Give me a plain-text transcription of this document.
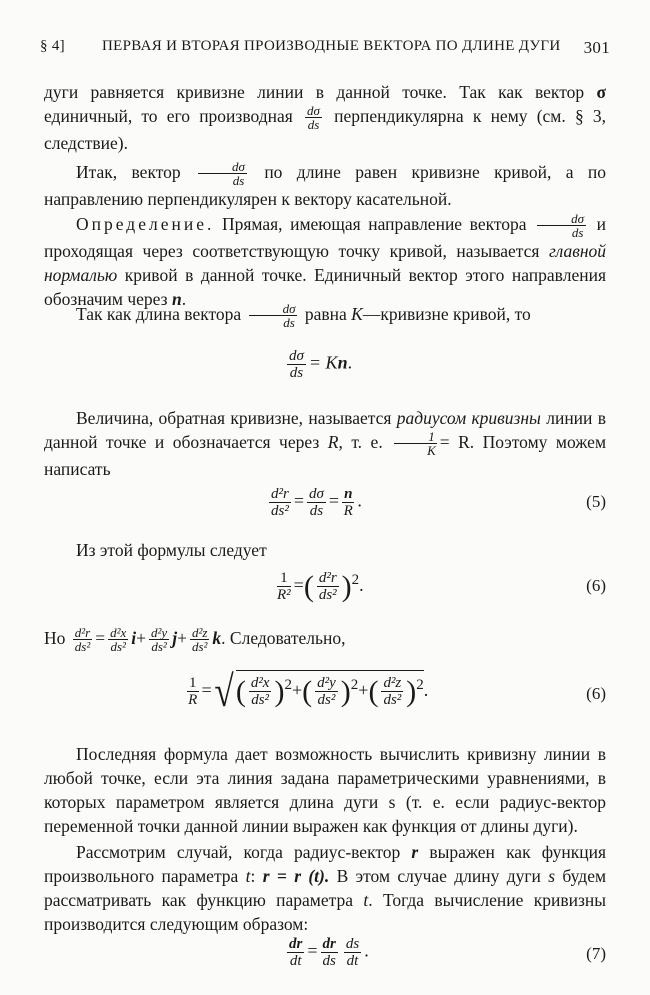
§ 4] ПЕРВАЯ И ВТОРАЯ ПРОИЗВОДНЫЕ ВЕКТОРА ПО ДЛИНЕ ДУГИ 301
дуги равняется кривизне линии в данной точке. Так как вектор σ единичный, то его производная $\frac{d\sigma}{ds}$ перпендикулярна к нему (см. § 3, следствие).
Итак, вектор $\frac{d\sigma}{ds}$ по длине равен кривизне кривой, а по направлению перпендикулярен к вектору касательной.
Определение. Прямая, имеющая направление вектора $\frac{d\sigma}{ds}$ и проходящая через соответствующую точку кривой, называется главной нормалью кривой в данной точке. Единичный вектор этого направления обозначим через n.
Так как длина вектора $\frac{d\sigma}{ds}$ равна K—кривизне кривой, то
$\frac{d\sigma}{ds} = Kn$.
Величина, обратная кривизне, называется радиусом кривизны линии в данной точке и обозначается через R, т. е. $\frac{1}{K} = R$. Поэтому можем написать
$\frac{\text{d²r}}{\text{ds²}} = \frac{d\sigma}{ds} = \frac{n}{R}$ .	(5)
Из этой формулы следует
$\frac{1}{\text{R²}}$ =( $\frac{\text{d²r}}{\text{ds²}} )^2$.	(6)
Но $\frac{\text{d²r}}{\text{ds²}} = \frac{\text{d²x}}{\text{ds²}} i+ \frac{\text{d²y}}{\text{ds²}} j+ \frac{\text{d²z}}{\text{ds²}} k$. Следовательно,
$\frac{1}{R}$ =√( $\frac{\text{d²x}}{\text{ds²}} )^2+( \frac{\text{d²y}}{\text{ds²}} )^2+( \frac{\text{d²z}}{\text{ds²}} )^2$.	(6)
Последняя формула дает возможность вычислить кривизну линии в любой точке, если эта линия задана параметрическими уравнениями, в которых параметром является длина дуги s (т. е. если радиус-вектор переменной точки данной линии выражен как функция от длины дуги).
Рассмотрим случай, когда радиус-вектор r выражен как функция произвольного параметра t: r = r (t). В этом случае длину дуги s будем рассматривать как функцию параметра t. Тогда вычисление кривизны производится следующим образом:
$\frac{dr}{dt} = \frac{dr}{ds} \frac{ds}{dt}$ .	(7)
